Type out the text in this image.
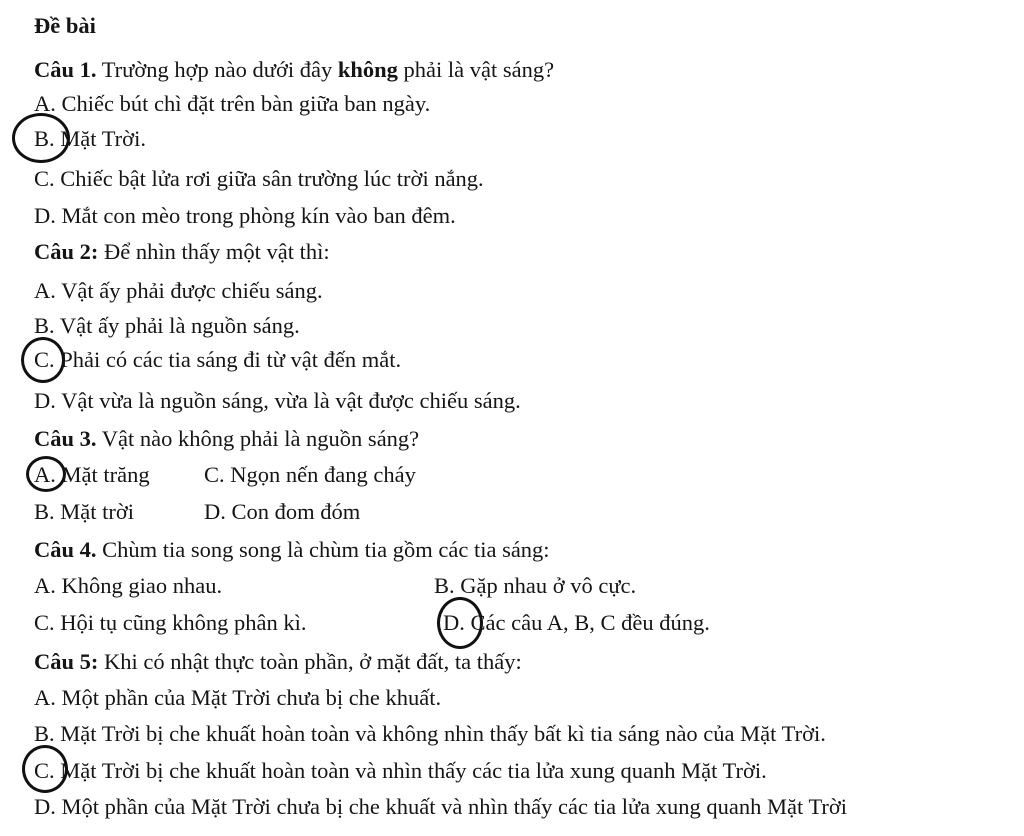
Đề bài
Câu 1. Trường hợp nào dưới đây không phải là vật sáng?
A. Chiếc bút chì đặt trên bàn giữa ban ngày.
B. Mặt Trời.
C. Chiếc bật lửa rơi giữa sân trường lúc trời nắng.
D. Mắt con mèo trong phòng kín vào ban đêm.
Câu 2: Để nhìn thấy một vật thì:
A. Vật ấy phải được chiếu sáng.
B. Vật ấy phải là nguồn sáng.
C. Phải có các tia sáng đi từ vật đến mắt.
D. Vật vừa là nguồn sáng, vừa là vật được chiếu sáng.
Câu 3. Vật nào không phải là nguồn sáng?
A. Mặt trăng C. Ngọn nến đang cháy
B. Mặt trời	D. Con đom đóm
Câu 4. Chùm tia song song là chùm tia gồm các tia sáng:
A. Không giao nhau.	B. Gặp nhau ở vô cực.
C. Hội tụ cũng không phân kì.	D. Các câu A, B, C đều đúng.
Câu 5: Khi có nhật thực toàn phần, ở mặt đất, ta thấy:
A. Một phần của Mặt Trời chưa bị che khuất.
B. Mặt Trời bị che khuất hoàn toàn và không nhìn thấy bất kì tia sáng nào của Mặt Trời.
C. Mặt Trời bị che khuất hoàn toàn và nhìn thấy các tia lửa xung quanh Mặt Trời.
D. Một phần của Mặt Trời chưa bị che khuất và nhìn thấy các tia lửa xung quanh Mặt Trời
